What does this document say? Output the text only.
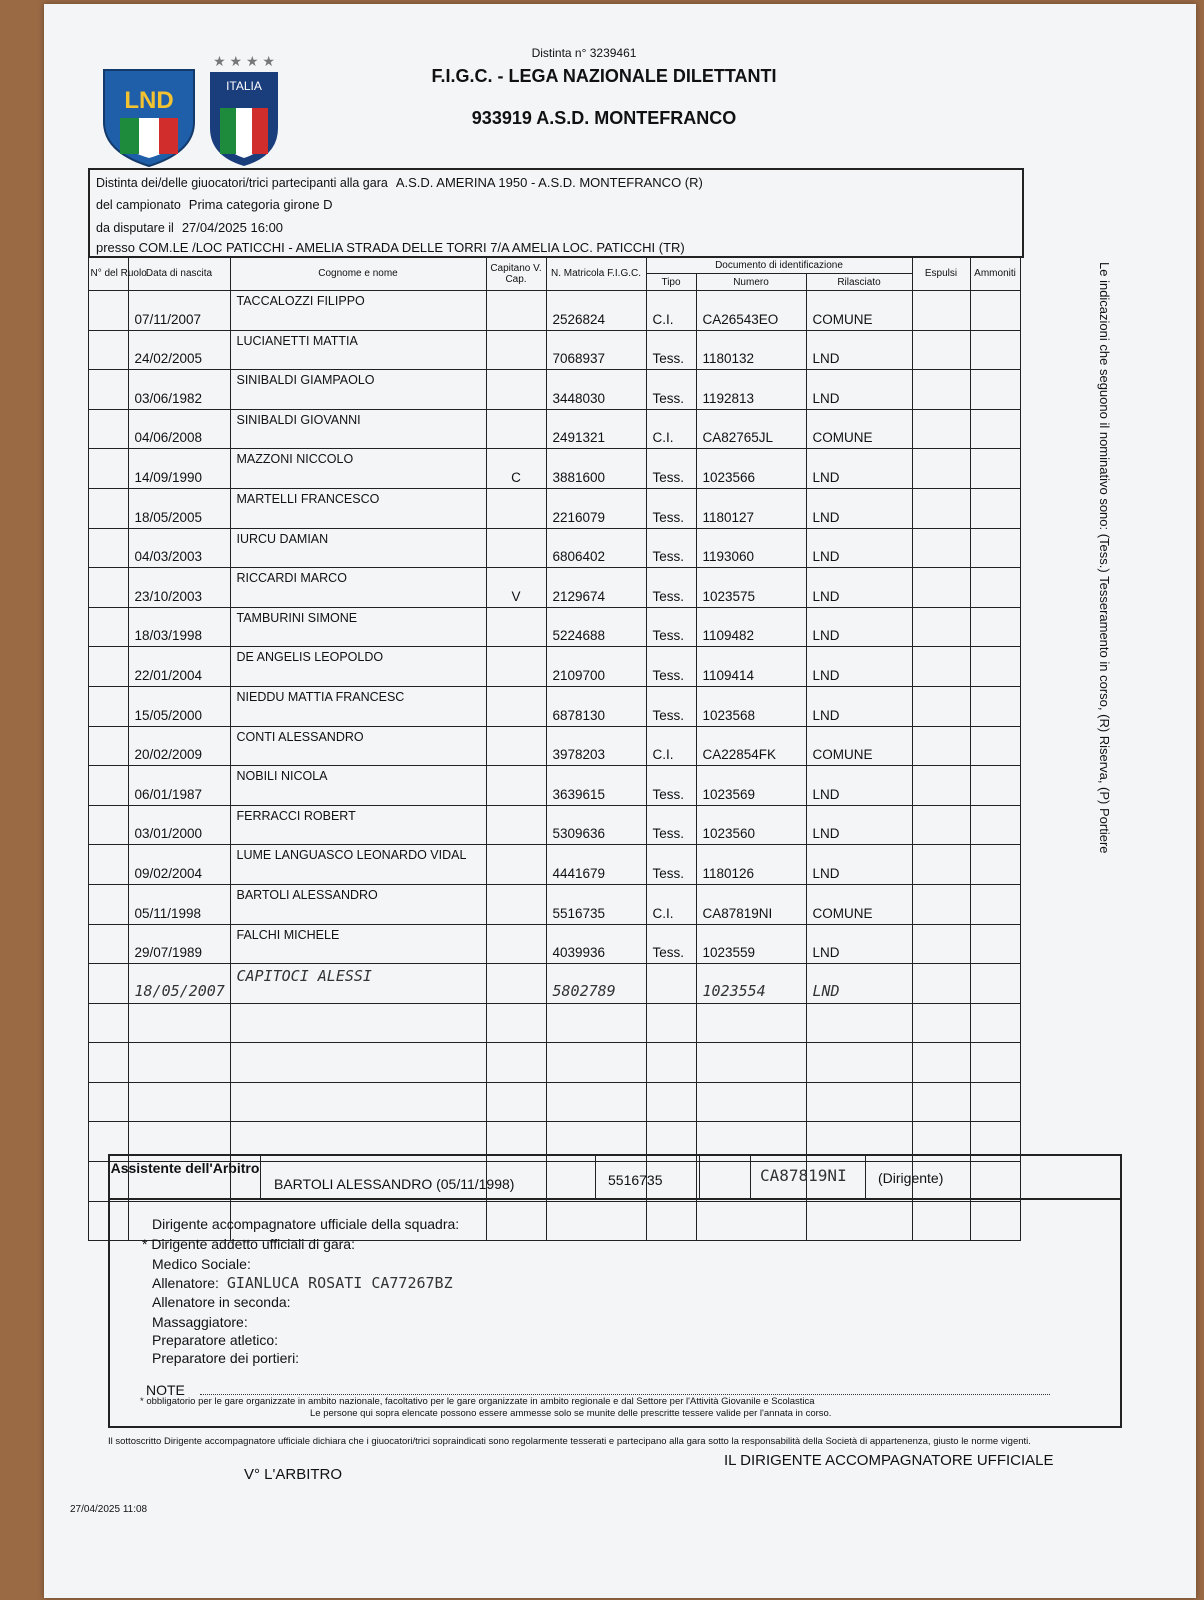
LND
★ ★ ★ ★
ITALIA
Distinta n° 3239461
F.I.G.C. - LEGA NAZIONALE DILETTANTI
933919 A.S.D. MONTEFRANCO
Distinta dei/delle giuocatori/trici partecipanti alla gara A.S.D. AMERINA 1950 - A.S.D. MONTEFRANCO (R)
del campionato Prima categoria girone D
da disputare il 27/04/2025 16:00
presso COM.LE /LOC PATICCHI - AMELIA STRADA DELLE TORRI 7/A AMELIA LOC. PATICCHI (TR)
	N° del Ruolo	Data di nascita	Cognome e nome	Capitano V. Cap.	N. Matricola F.I.G.C.	Documento di identificazione			Espulsi	Ammoniti
					Tipo	Numero	Rilasciato		

		07/11/2007	TACCALOZZI FILIPPO		2526824	C.I.	CA26543EO	COMUNE		

		24/02/2005	LUCIANETTI MATTIA		7068937	Tess.	1180132	LND		

		03/06/1982	SINIBALDI GIAMPAOLO		3448030	Tess.	1192813	LND		

		04/06/2008	SINIBALDI GIOVANNI		2491321	C.I.	CA82765JL	COMUNE		

		14/09/1990	MAZZONI NICCOLO	C	3881600	Tess.	1023566	LND		

		18/05/2005	MARTELLI FRANCESCO		2216079	Tess.	1180127	LND		

		04/03/2003	IURCU DAMIAN		6806402	Tess.	1193060	LND		

		23/10/2003	RICCARDI MARCO	V	2129674	Tess.	1023575	LND		

		18/03/1998	TAMBURINI SIMONE		5224688	Tess.	1109482	LND		

		22/01/2004	DE ANGELIS LEOPOLDO		2109700	Tess.	1109414	LND		

		15/05/2000	NIEDDU MATTIA FRANCESC		6878130	Tess.	1023568	LND		

		20/02/2009	CONTI ALESSANDRO		3978203	C.I.	CA22854FK	COMUNE		

		06/01/1987	NOBILI NICOLA		3639615	Tess.	1023569	LND		

		03/01/2000	FERRACCI ROBERT		5309636	Tess.	1023560	LND		

		09/02/2004	LUME LANGUASCO LEONARDO VIDAL		4441679	Tess.	1180126	LND		

		05/11/1998	BARTOLI ALESSANDRO		5516735	C.I.	CA87819NI	COMUNE		

		29/07/1989	FALCHI MICHELE		4039936	Tess.	1023559	LND		

		18/05/2007	CAPITOCI ALESSI		5802789		1023554	LND		

Assistente dell'Arbitro
BARTOLI ALESSANDRO (05/11/1998)	5516735	CA87819NI	(Dirigente)
Dirigente accompagnatore ufficiale della squadra:
* Dirigente addetto ufficiali di gara:
Medico Sociale:
Allenatore: GIANLUCA ROSATI CA77267BZ
Allenatore in seconda:
Massaggiatore:
Preparatore atletico:
Preparatore dei portieri:
NOTE
* obbligatorio per le gare organizzate in ambito nazionale, facoltativo per le gare organizzate in ambito regionale e dal Settore per l'Attività Giovanile e Scolastica
Le persone qui sopra elencate possono essere ammesse solo se munite delle prescritte tessere valide per l'annata in corso.
Il sottoscritto Dirigente accompagnatore ufficiale dichiara che i giuocatori/trici sopraindicati sono regolarmente tesserati e partecipano alla gara sotto la responsabilità della Società di appartenenza, giusto le norme vigenti.
V° L'ARBITRO
IL DIRIGENTE ACCOMPAGNATORE UFFICIALE
27/04/2025 11:08
Le indicazioni che seguono il nominativo sono: (Tess.) Tesseramento in corso, (R) Riserva, (P) Portiere
